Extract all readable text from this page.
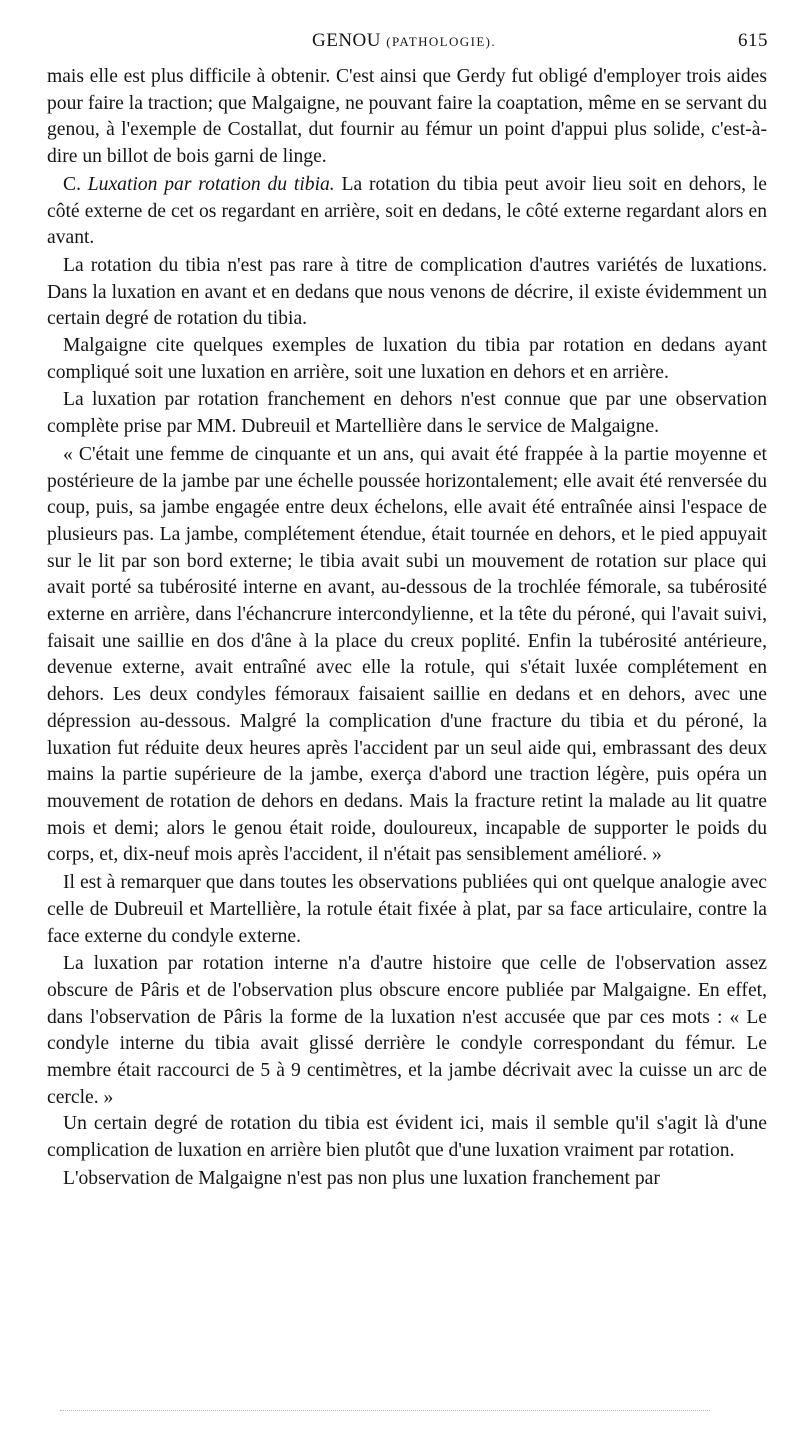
GENOU (PATHOLOGIE).	615

mais elle est plus difficile à obtenir. C'est ainsi que Gerdy fut obligé d'employer trois aides pour faire la traction; que Malgaigne, ne pouvant faire la coaptation, même en se servant du genou, à l'exemple de Costallat, dut fournir au fémur un point d'appui plus solide, c'est-à-dire un billot de bois garni de linge.

C. Luxation par rotation du tibia. La rotation du tibia peut avoir lieu soit en dehors, le côté externe de cet os regardant en arrière, soit en dedans, le côté externe regardant alors en avant.

La rotation du tibia n'est pas rare à titre de complication d'autres variétés de luxations. Dans la luxation en avant et en dedans que nous venons de décrire, il existe évidemment un certain degré de rotation du tibia.

Malgaigne cite quelques exemples de luxation du tibia par rotation en dedans ayant compliqué soit une luxation en arrière, soit une luxation en dehors et en arrière.

La luxation par rotation franchement en dehors n'est connue que par une observation complète prise par MM. Dubreuil et Martellière dans le service de Malgaigne.

« C'était une femme de cinquante et un ans, qui avait été frappée à la partie moyenne et postérieure de la jambe par une échelle poussée horizontalement; elle avait été renversée du coup, puis, sa jambe engagée entre deux échelons, elle avait été entraînée ainsi l'espace de plusieurs pas. La jambe, complétement étendue, était tournée en dehors, et le pied appuyait sur le lit par son bord externe; le tibia avait subi un mouvement de rotation sur place qui avait porté sa tubérosité interne en avant, au-dessous de la trochlée fémorale, sa tubérosité externe en arrière, dans l'échancrure intercondylienne, et la tête du péroné, qui l'avait suivi, faisait une saillie en dos d'âne à la place du creux poplité. Enfin la tubérosité antérieure, devenue externe, avait entraîné avec elle la rotule, qui s'était luxée complétement en dehors. Les deux condyles fémoraux faisaient saillie en dedans et en dehors, avec une dépression au-dessous. Malgré la complication d'une fracture du tibia et du péroné, la luxation fut réduite deux heures après l'accident par un seul aide qui, embrassant des deux mains la partie supérieure de la jambe, exerça d'abord une traction légère, puis opéra un mouvement de rotation de dehors en dedans. Mais la fracture retint la malade au lit quatre mois et demi; alors le genou était roide, douloureux, incapable de supporter le poids du corps, et, dix-neuf mois après l'accident, il n'était pas sensiblement amélioré. »

Il est à remarquer que dans toutes les observations publiées qui ont quelque analogie avec celle de Dubreuil et Martellière, la rotule était fixée à plat, par sa face articulaire, contre la face externe du condyle externe.

La luxation par rotation interne n'a d'autre histoire que celle de l'observation assez obscure de Pâris et de l'observation plus obscure encore publiée par Malgaigne. En effet, dans l'observation de Pâris la forme de la luxation n'est accusée que par ces mots : « Le condyle interne du tibia avait glissé derrière le condyle correspondant du fémur. Le membre était raccourci de 5 à 9 centimètres, et la jambe décrivait avec la cuisse un arc de cercle. »

Un certain degré de rotation du tibia est évident ici, mais il semble qu'il s'agit là d'une complication de luxation en arrière bien plutôt que d'une luxation vraiment par rotation.

L'observation de Malgaigne n'est pas non plus une luxation franchement par
